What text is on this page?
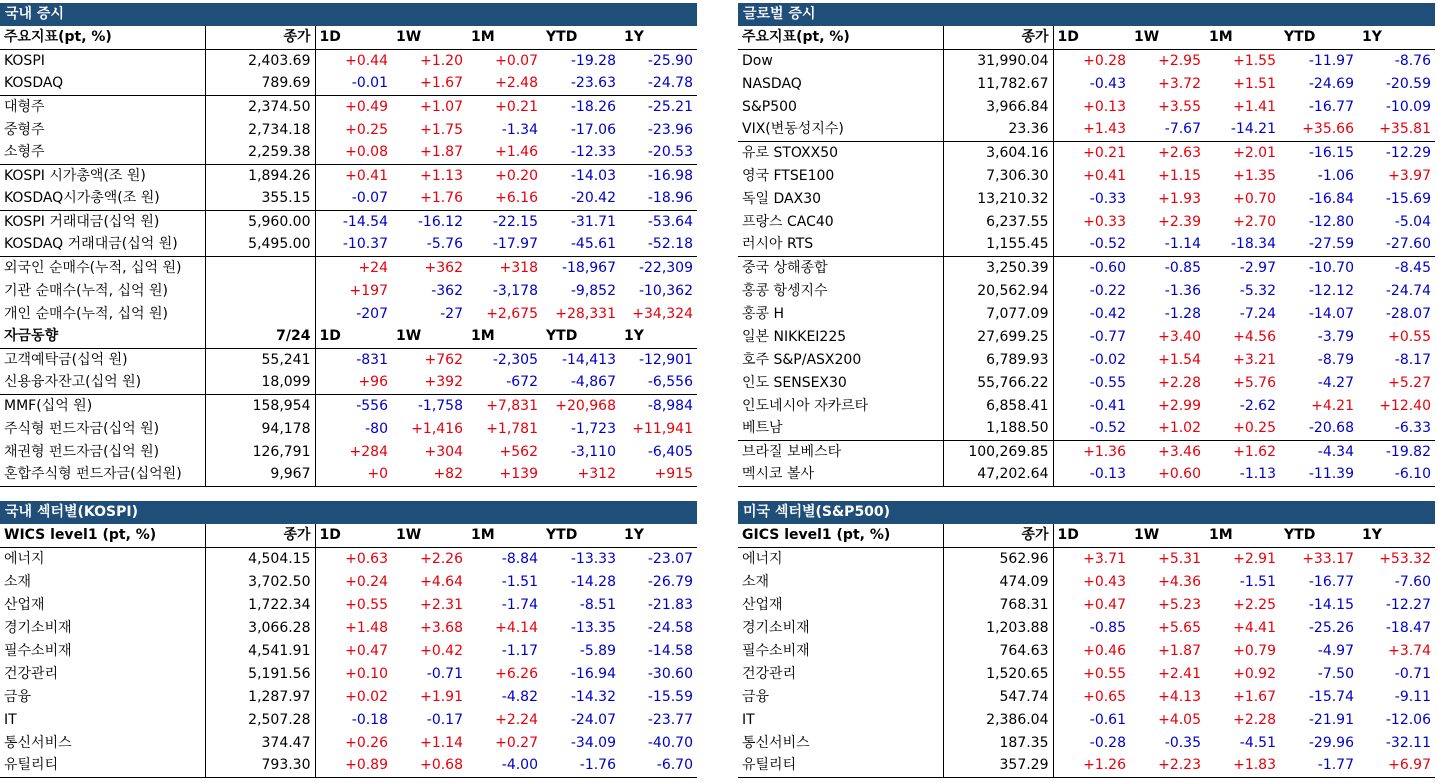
국내 증시
주요지표(pt, %)	종가	1D	1W	1M	YTD	1Y
KOSPI	2,403.69	+0.44	+1.20	+0.07	-19.28	-25.90
KOSDAQ	789.69	-0.01	+1.67	+2.48	-23.63	-24.78
대형주	2,374.50	+0.49	+1.07	+0.21	-18.26	-25.21
중형주	2,734.18	+0.25	+1.75	-1.34	-17.06	-23.96
소형주	2,259.38	+0.08	+1.87	+1.46	-12.33	-20.53
KOSPI 시가총액(조 원)	1,894.26	+0.41	+1.13	+0.20	-14.03	-16.98
KOSDAQ시가총액(조 원)	355.15	-0.07	+1.76	+6.16	-20.42	-18.96
KOSPI 거래대금(십억 원)	5,960.00	-14.54	-16.12	-22.15	-31.71	-53.64
KOSDAQ 거래대금(십억 원)	5,495.00	-10.37	-5.76	-17.97	-45.61	-52.18
외국인 순매수(누적, 십억 원)		+24	+362	+318	-18,967	-22,309
기관 순매수(누적, 십억 원)		+197	-362	-3,178	-9,852	-10,362
개인 순매수(누적, 십억 원)		-207	-27	+2,675	+28,331	+34,324
자금동향	7/24	1D	1W	1M	YTD	1Y
고객예탁금(십억 원)	55,241	-831	+762	-2,305	-14,413	-12,901
신용융자잔고(십억 원)	18,099	+96	+392	-672	-4,867	-6,556
MMF(십억 원)	158,954	-556	-1,758	+7,831	+20,968	-8,984
주식형 펀드자금(십억 원)	94,178	-80	+1,416	+1,781	-1,723	+11,941
채권형 펀드자금(십억 원)	126,791	+284	+304	+562	-3,110	-6,405
혼합주식형 펀드자금(십억원)	9,967	+0	+82	+139	+312	+915
글로벌 증시
주요지표(pt, %)	종가	1D	1W	1M	YTD	1Y
Dow	31,990.04	+0.28	+2.95	+1.55	-11.97	-8.76
NASDAQ	11,782.67	-0.43	+3.72	+1.51	-24.69	-20.59
S&P500	3,966.84	+0.13	+3.55	+1.41	-16.77	-10.09
VIX(변동성지수)	23.36	+1.43	-7.67	-14.21	+35.66	+35.81
유로 STOXX50	3,604.16	+0.21	+2.63	+2.01	-16.15	-12.29
영국 FTSE100	7,306.30	+0.41	+1.15	+1.35	-1.06	+3.97
독일 DAX30	13,210.32	-0.33	+1.93	+0.70	-16.84	-15.69
프랑스 CAC40	6,237.55	+0.33	+2.39	+2.70	-12.80	-5.04
러시아 RTS	1,155.45	-0.52	-1.14	-18.34	-27.59	-27.60
중국 상해종합	3,250.39	-0.60	-0.85	-2.97	-10.70	-8.45
홍콩 항셍지수	20,562.94	-0.22	-1.36	-5.32	-12.12	-24.74
홍콩 H	7,077.09	-0.42	-1.28	-7.24	-14.07	-28.07
일본 NIKKEI225	27,699.25	-0.77	+3.40	+4.56	-3.79	+0.55
호주 S&P/ASX200	6,789.93	-0.02	+1.54	+3.21	-8.79	-8.17
인도 SENSEX30	55,766.22	-0.55	+2.28	+5.76	-4.27	+5.27
인도네시아 자카르타	6,858.41	-0.41	+2.99	-2.62	+4.21	+12.40
베트남	1,188.50	-0.52	+1.02	+0.25	-20.68	-6.33
브라질 보베스타	100,269.85	+1.36	+3.46	+1.62	-4.34	-19.82
멕시코 볼사	47,202.64	-0.13	+0.60	-1.13	-11.39	-6.10
국내 섹터별(KOSPI)
WICS level1 (pt, %)	종가	1D	1W	1M	YTD	1Y
에너지	4,504.15	+0.63	+2.26	-8.84	-13.33	-23.07
소재	3,702.50	+0.24	+4.64	-1.51	-14.28	-26.79
산업재	1,722.34	+0.55	+2.31	-1.74	-8.51	-21.83
경기소비재	3,066.28	+1.48	+3.68	+4.14	-13.35	-24.58
필수소비재	4,541.91	+0.47	+0.42	-1.17	-5.89	-14.58
건강관리	5,191.56	+0.10	-0.71	+6.26	-16.94	-30.60
금융	1,287.97	+0.02	+1.91	-4.82	-14.32	-15.59
IT	2,507.28	-0.18	-0.17	+2.24	-24.07	-23.77
통신서비스	374.47	+0.26	+1.14	+0.27	-34.09	-40.70
유틸리티	793.30	+0.89	+0.68	-4.00	-1.76	-6.70
미국 섹터별(S&P500)
GICS level1 (pt, %)	종가	1D	1W	1M	YTD	1Y
에너지	562.96	+3.71	+5.31	+2.91	+33.17	+53.32
소재	474.09	+0.43	+4.36	-1.51	-16.77	-7.60
산업재	768.31	+0.47	+5.23	+2.25	-14.15	-12.27
경기소비재	1,203.88	-0.85	+5.65	+4.41	-25.26	-18.47
필수소비재	764.63	+0.46	+1.87	+0.79	-4.97	+3.74
건강관리	1,520.65	+0.55	+2.41	+0.92	-7.50	-0.71
금융	547.74	+0.65	+4.13	+1.67	-15.74	-9.11
IT	2,386.04	-0.61	+4.05	+2.28	-21.91	-12.06
통신서비스	187.35	-0.28	-0.35	-4.51	-29.96	-32.11
유틸리티	357.29	+1.26	+2.23	+1.83	-1.77	+6.97
